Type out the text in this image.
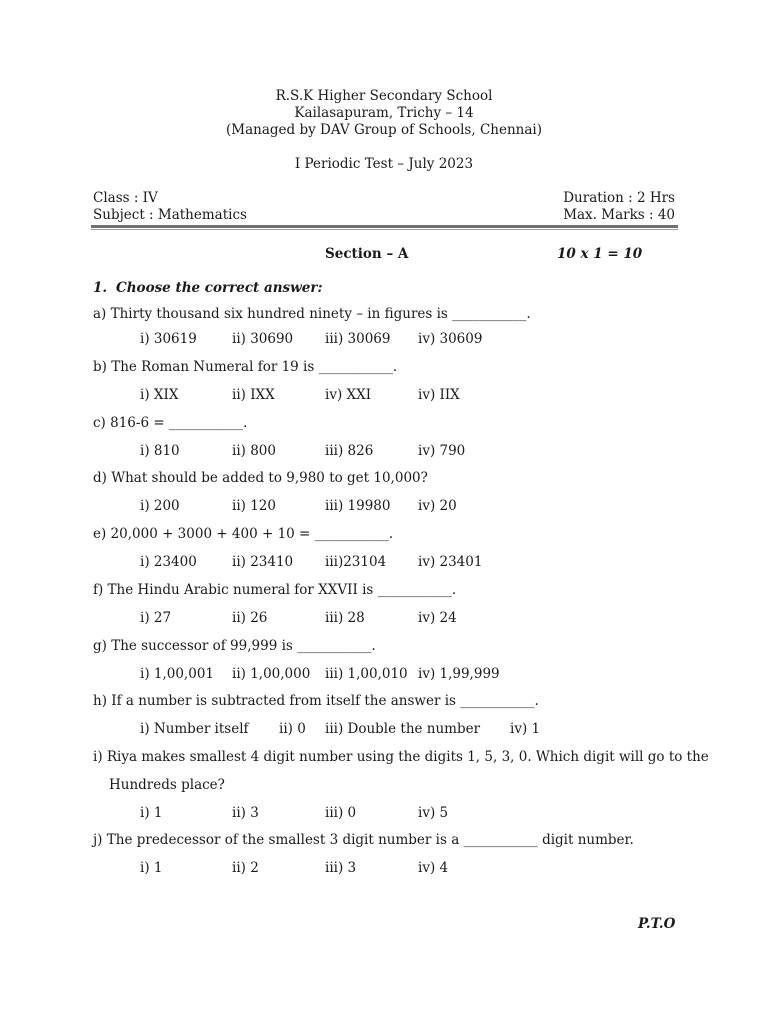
R.S.K Higher Secondary School
Kailasapuram, Trichy – 14
(Managed by DAV Group of Schools, Chennai)
I Periodic Test – July 2023
Class : IV	Duration : 2 Hrs
Subject : Mathematics	Max. Marks : 40
Section – A	10 x 1 = 10
1. Choose the correct answer:
a) Thirty thousand six hundred ninety – in figures is ___________.
i) 30619	ii) 30690 iii) 30069 iv) 30609
b) The Roman Numeral for 19 is ___________.
i) XIX	ii) IXX	iv) XXI	iv) IIX
c) 816-6 = ___________.
i) 810	ii) 800	iii) 826	iv) 790
d) What should be added to 9,980 to get 10,000?
i) 200	ii) 120	iii) 19980 iv) 20
e) 20,000 + 3000 + 400 + 10 = ___________.
i) 23400	ii) 23410 iii)23104 iv) 23401
f) The Hindu Arabic numeral for XXVII is ___________.
i) 27	ii) 26	iii) 28	iv) 24
g) The successor of 99,999 is ___________.
i) 1,00,001 ii) 1,00,000 iii) 1,00,010 iv) 1,99,999
h) If a number is subtracted from itself the answer is ___________.
i) Number itself ii) 0 iii) Double the number iv) 1
i) Riya makes smallest 4 digit number using the digits 1, 5, 3, 0. Which digit will go to the
Hundreds place?
i) 1	ii) 3	iii) 0	iv) 5
j) The predecessor of the smallest 3 digit number is a ___________ digit number.
i) 1	ii) 2	iii) 3	iv) 4
P.T.O
